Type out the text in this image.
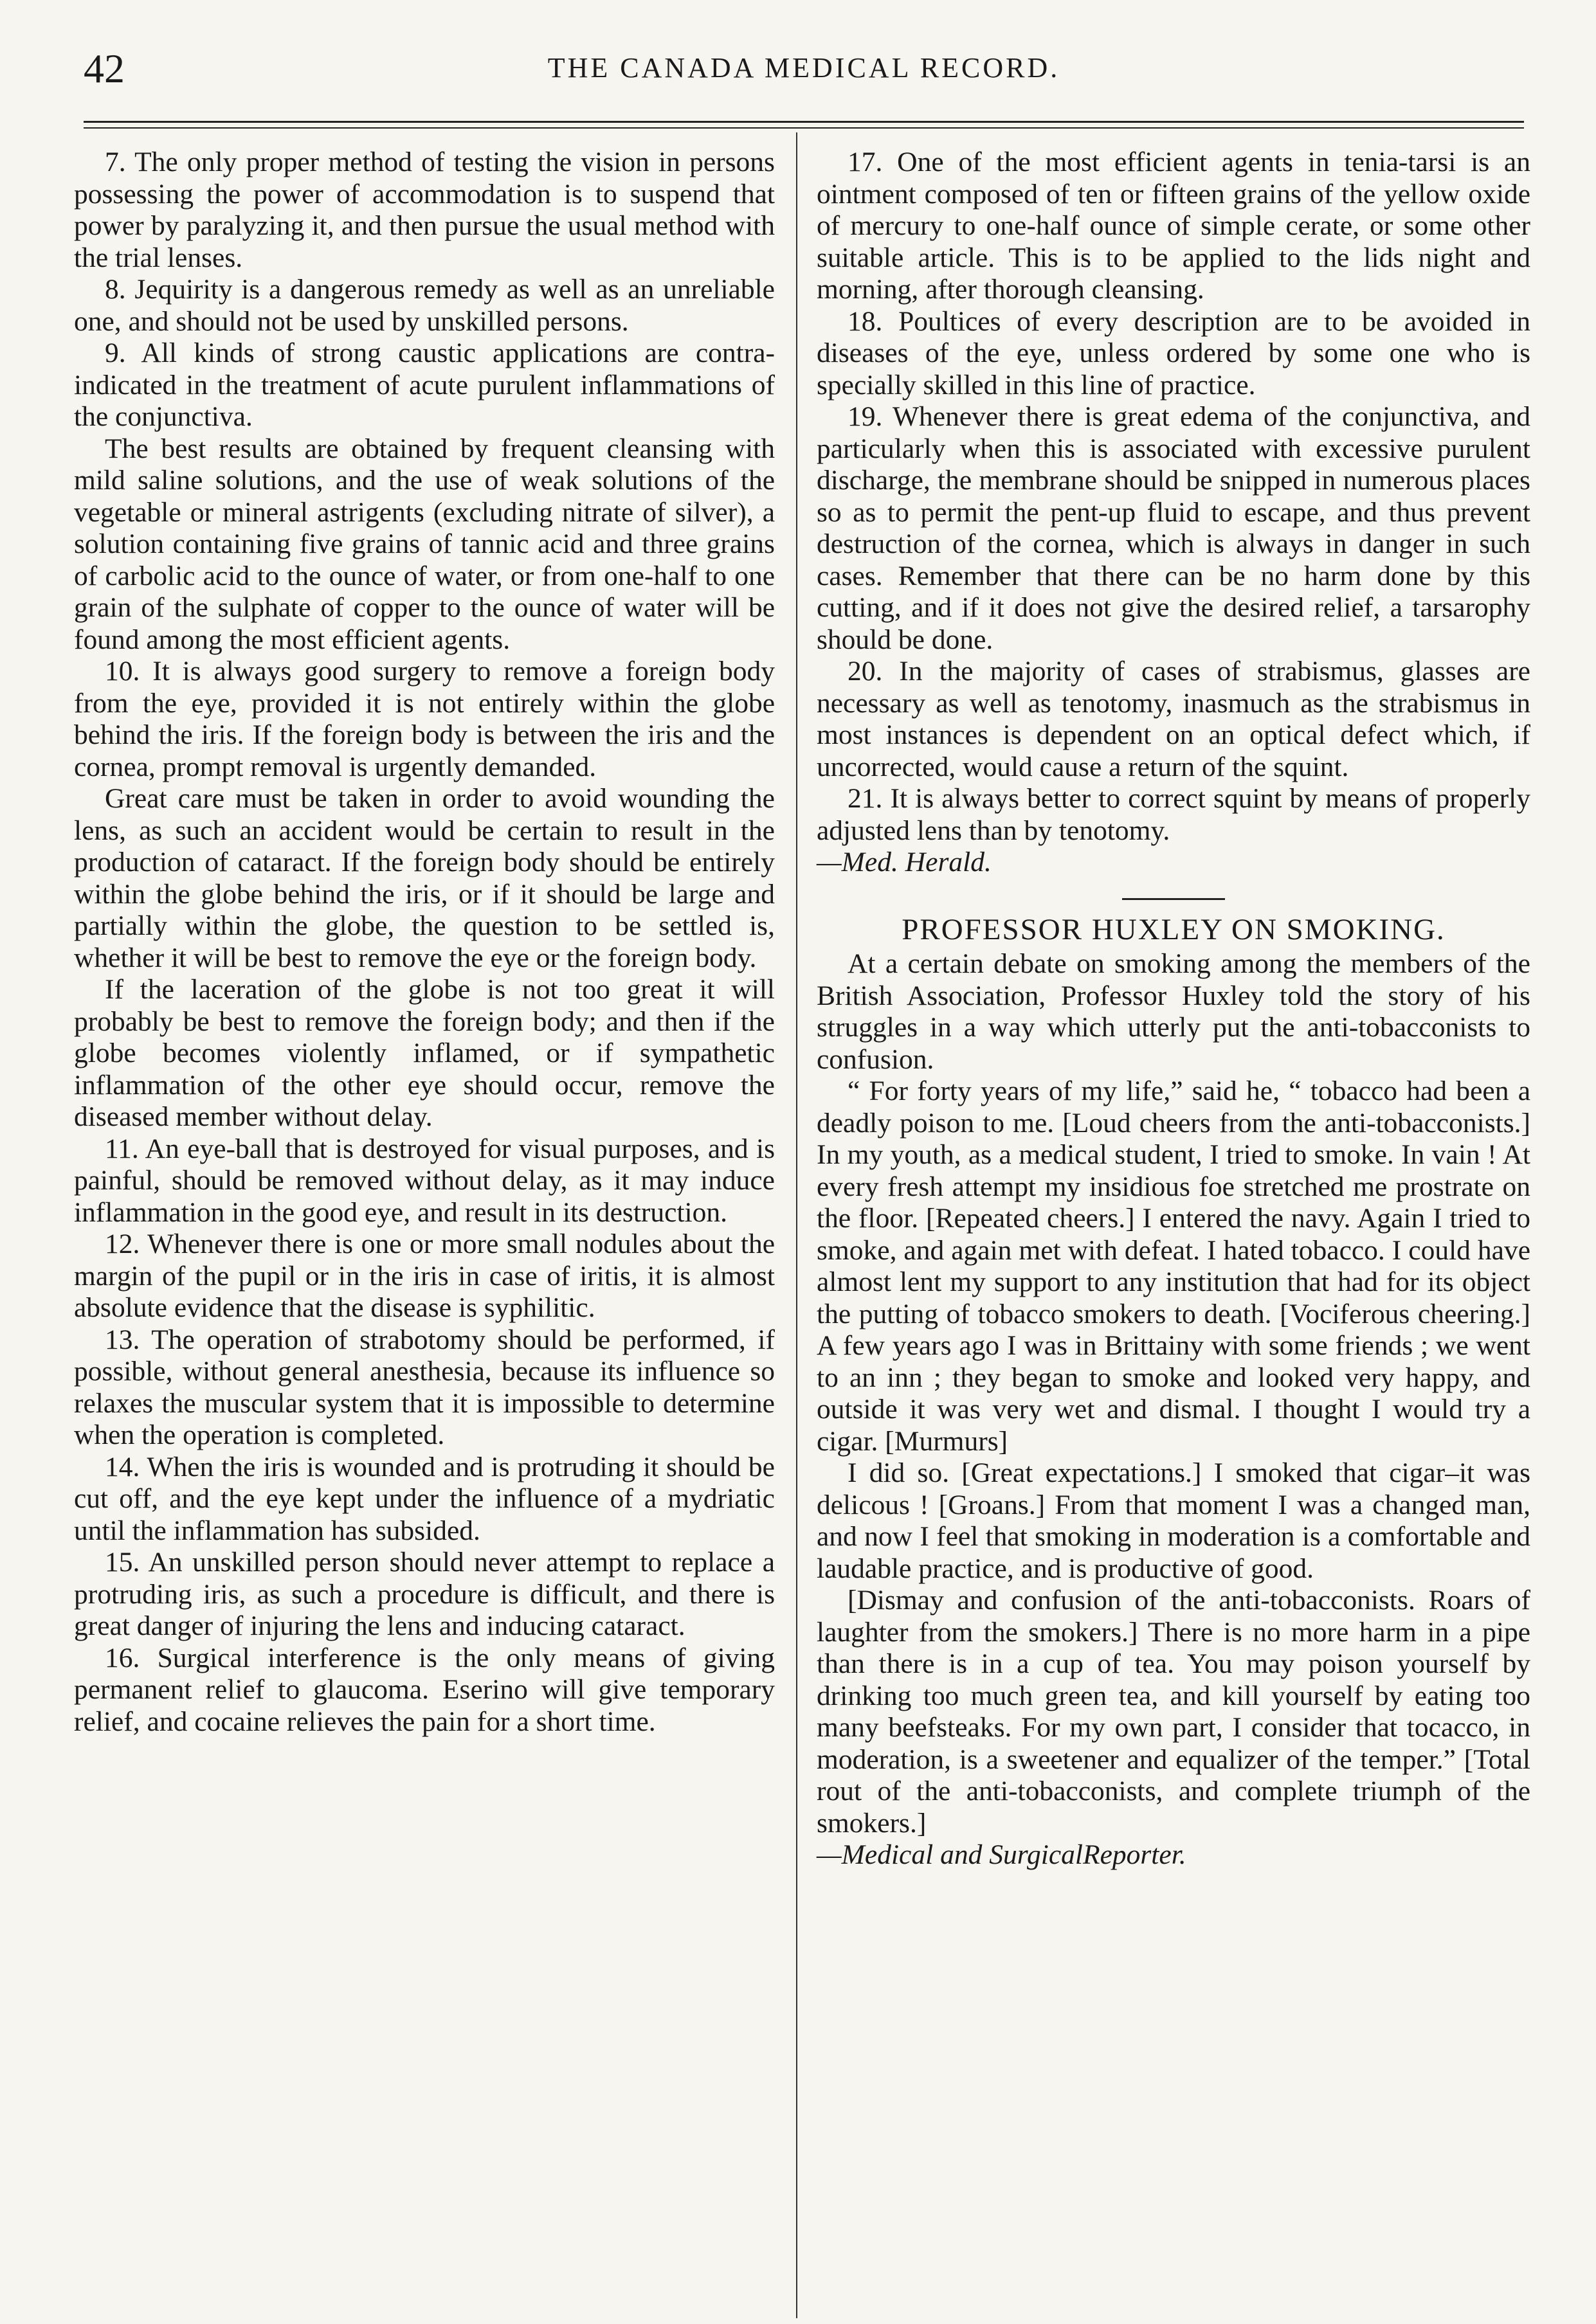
42	THE CANADA MEDICAL RECORD.

7. The only proper method of testing the vision in persons possessing the power of accommodation is to suspend that power by paralyzing it, and then pursue the usual method with the trial lenses.

8. Jequirity is a dangerous remedy as well as an unreliable one, and should not be used by unskilled persons.

9. All kinds of strong caustic applications are contra-indicated in the treatment of acute purulent inflammations of the conjunctiva.

The best results are obtained by frequent cleansing with mild saline solutions, and the use of weak solutions of the vegetable or mineral astrigents (excluding nitrate of silver), a solution containing five grains of tannic acid and three grains of carbolic acid to the ounce of water, or from one-half to one grain of the sulphate of copper to the ounce of water will be found among the most efficient agents.

10. It is always good surgery to remove a foreign body from the eye, provided it is not entirely within the globe behind the iris. If the foreign body is between the iris and the cornea, prompt removal is urgently demanded.

Great care must be taken in order to avoid wounding the lens, as such an accident would be certain to result in the production of cataract. If the foreign body should be entirely within the globe behind the iris, or if it should be large and partially within the globe, the question to be settled is, whether it will be best to remove the eye or the foreign body.

If the laceration of the globe is not too great it will probably be best to remove the foreign body; and then if the globe becomes violently inflamed, or if sympathetic inflammation of the other eye should occur, remove the diseased member without delay.

11. An eye-ball that is destroyed for visual purposes, and is painful, should be removed without delay, as it may induce inflammation in the good eye, and result in its destruction.

12. Whenever there is one or more small nodules about the margin of the pupil or in the iris in case of iritis, it is almost absolute evidence that the disease is syphilitic.

13. The operation of strabotomy should be performed, if possible, without general anesthesia, because its influence so relaxes the muscular system that it is impossible to determine when the operation is completed.

14. When the iris is wounded and is protruding it should be cut off, and the eye kept under the influence of a mydriatic until the inflammation has subsided.

15. An unskilled person should never attempt to replace a protruding iris, as such a procedure is difficult, and there is great danger of injuring the lens and inducing cataract.

16. Surgical interference is the only means of giving permanent relief to glaucoma. Eserino will give temporary relief, and cocaine relieves the pain for a short time.

17. One of the most efficient agents in tenia-tarsi is an ointment composed of ten or fifteen grains of the yellow oxide of mercury to one-half ounce of simple cerate, or some other suitable article. This is to be applied to the lids night and morning, after thorough cleansing.

18. Poultices of every description are to be avoided in diseases of the eye, unless ordered by some one who is specially skilled in this line of practice.

19. Whenever there is great edema of the conjunctiva, and particularly when this is associated with excessive purulent discharge, the membrane should be snipped in numerous places so as to permit the pent-up fluid to escape, and thus prevent destruction of the cornea, which is always in danger in such cases. Remember that there can be no harm done by this cutting, and if it does not give the desired relief, a tarsarophy should be done.

20. In the majority of cases of strabismus, glasses are necessary as well as tenotomy, inasmuch as the strabismus in most instances is dependent on an optical defect which, if uncorrected, would cause a return of the squint.

21. It is always better to correct squint by means of properly adjusted lens than by tenotomy.

—Med. Herald.

PROFESSOR HUXLEY ON SMOKING.

At a certain debate on smoking among the members of the British Association, Professor Huxley told the story of his struggles in a way which utterly put the anti-tobacconists to confusion.

“ For forty years of my life,” said he, “ tobacco had been a deadly poison to me. [Loud cheers from the anti-tobacconists.] In my youth, as a medical student, I tried to smoke. In vain ! At every fresh attempt my insidious foe stretched me prostrate on the floor. [Repeated cheers.] I entered the navy. Again I tried to smoke, and again met with defeat. I hated tobacco. I could have almost lent my support to any institution that had for its object the putting of tobacco smokers to death. [Vociferous cheering.] A few years ago I was in Brittainy with some friends ; we went to an inn ; they began to smoke and looked very happy, and outside it was very wet and dismal. I thought I would try a cigar. [Murmurs]

I did so. [Great expectations.] I smoked that cigar–it was delicous ! [Groans.] From that moment I was a changed man, and now I feel that smoking in moderation is a comfortable and laudable practice, and is productive of good.

[Dismay and confusion of the anti-tobacconists. Roars of laughter from the smokers.] There is no more harm in a pipe than there is in a cup of tea. You may poison yourself by drinking too much green tea, and kill yourself by eating too many beefsteaks. For my own part, I consider that tocacco, in moderation, is a sweetener and equalizer of the temper.” [Total rout of the anti-tobacconists, and complete triumph of the smokers.]

—Medical and SurgicalReporter.
